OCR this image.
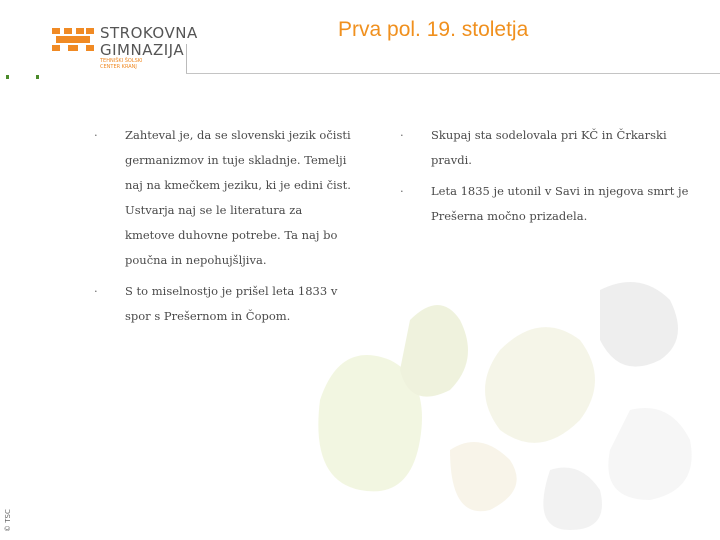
STROKOVNA
GIMNAZIJA
TEHNIŠKI ŠOLSKI CENTER KRANJ
Prva pol. 19. stoletja
© TSC
· Zahteval je, da se slovenski jezik očisti germanizmov in tuje skladnje. Temelji naj na kmečkem jeziku, ki je edini čist. Ustvarja naj se le literatura za kmetove duhovne potrebe. Ta naj bo poučna in nepohujšljiva.
· S to miselnostjo je prišel leta 1833 v spor s Prešernom in Čopom.
· Skupaj sta sodelovala pri KČ in Črkarski pravdi.
· Leta 1835 je utonil v Savi in njegova smrt je Prešerna močno prizadela.
